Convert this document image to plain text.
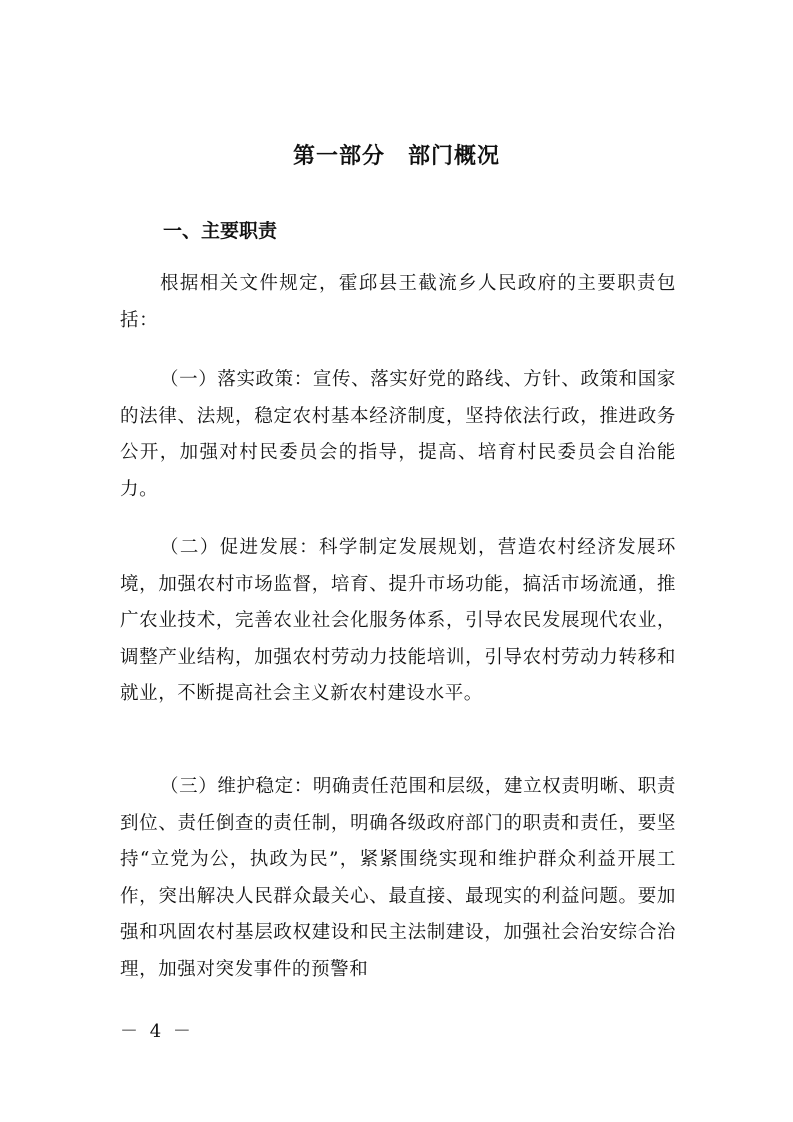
第一部分　部门概况
一、主要职责

根据相关文件规定，霍邱县王截流乡人民政府的主要职责包括：

（一）落实政策：宣传、落实好党的路线、方针、政策和国家的法律、法规，稳定农村基本经济制度，坚持依法行政，推进政务公开，加强对村民委员会的指导，提高、培育村民委员会自治能力。

（二）促进发展：科学制定发展规划，营造农村经济发展环境，加强农村市场监督，培育、提升市场功能，搞活市场流通，推广农业技术，完善农业社会化服务体系，引导农民发展现代农业，调整产业结构，加强农村劳动力技能培训，引导农村劳动力转移和就业，不断提高社会主义新农村建设水平。

（三）维护稳定：明确责任范围和层级，建立权责明晰、职责到位、责任倒查的责任制，明确各级政府部门的职责和责任，要坚持“立党为公，执政为民”，紧紧围绕实现和维护群众利益开展工作，突出解决人民群众最关心、最直接、最现实的利益问题。要加强和巩固农村基层政权建设和民主法制建设，加强社会治安综合治理，加强对突发事件的预警和

－ 4 －
